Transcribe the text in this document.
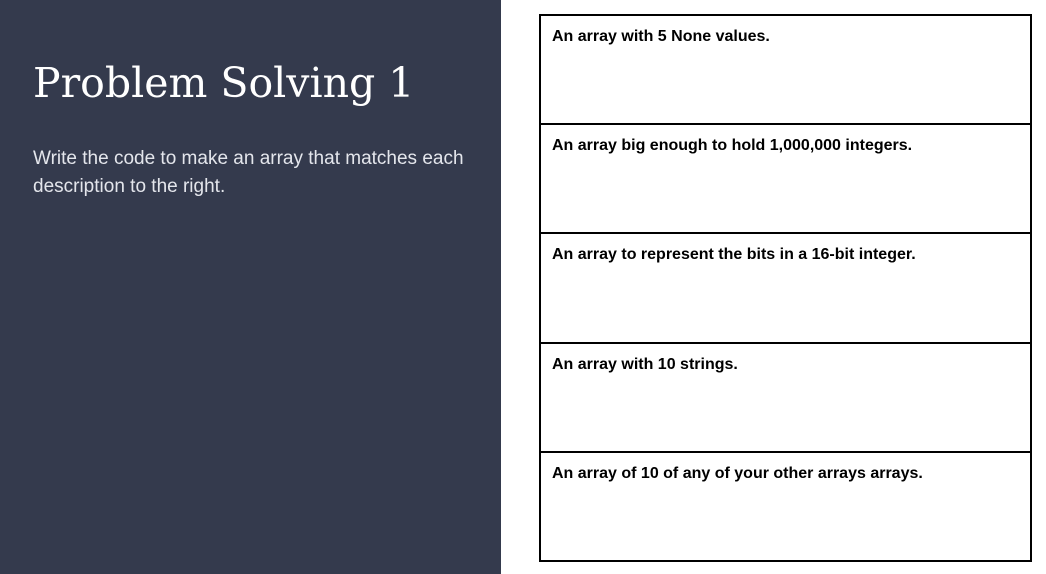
Problem Solving 1

Write the code to make an array that matches each description to the right.

An array with 5 None values.
An array big enough to hold 1,000,000 integers.
An array to represent the bits in a 16-bit integer.
An array with 10 strings.
An array of 10 of any of your other arrays arrays.
